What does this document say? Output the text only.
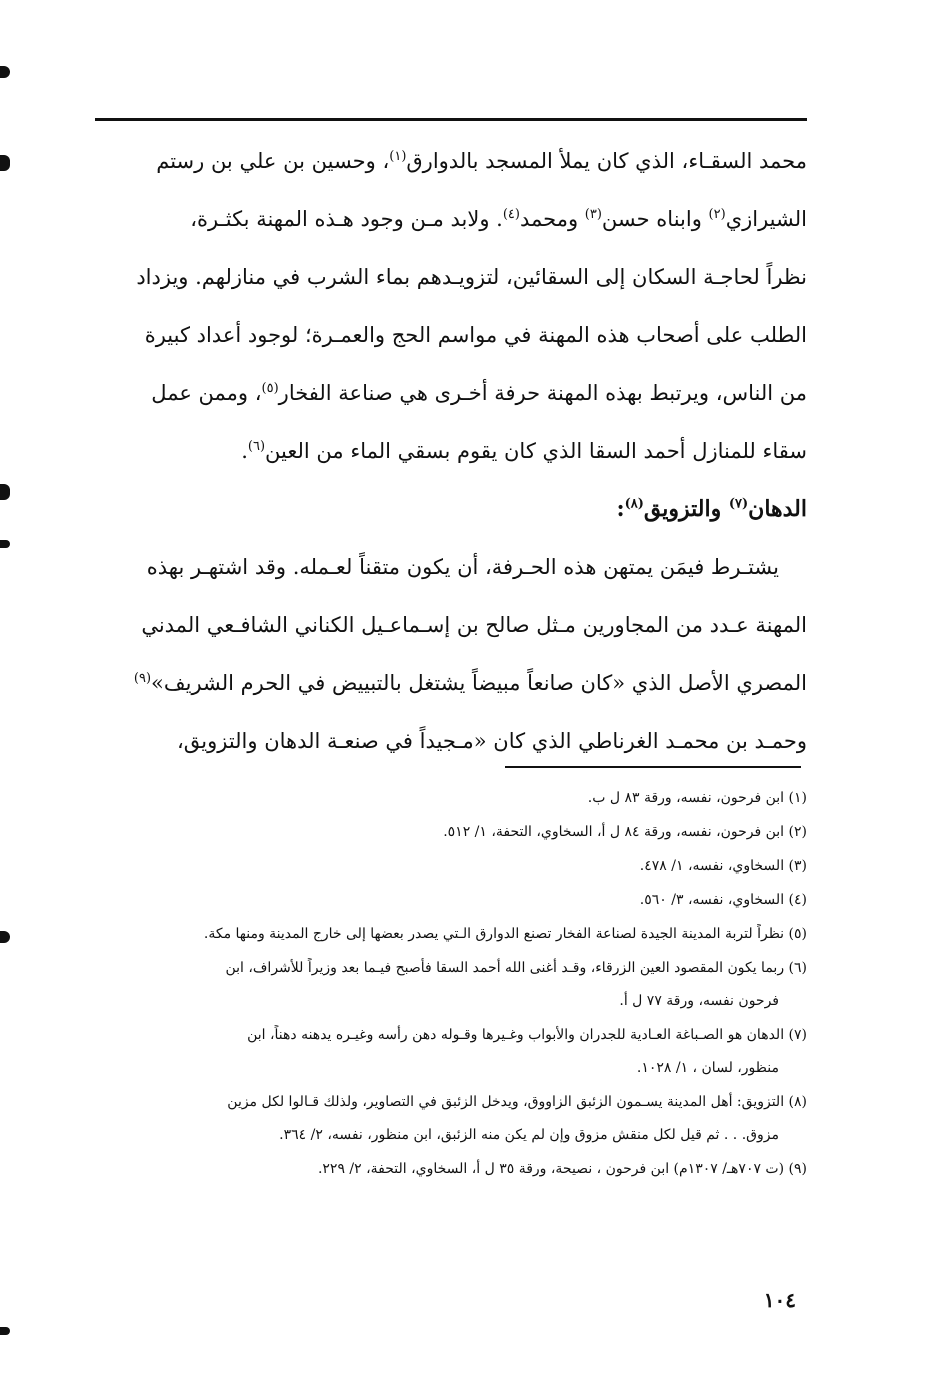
محمد السقـاء، الذي كان يملأ المسجد بالدوارق$^{(١)}$، وحسين بن علي بن رستم
الشيرازي$^{(٢)}$ وابناه حسن$^{(٣)}$ ومحمد$^{(٤)}$. ولابد مـن وجود هـذه المهنة بكثـرة،
نظراً لحاجـة السكان إلى السقائين، لتزويـدهم بماء الشرب في منازلهم. ويزداد
الطلب على أصحاب هذه المهنة في مواسم الحج والعمـرة؛ لوجود أعداد كبيرة
من الناس، ويرتبط بهذه المهنة حرفة أخـرى هي صناعة الفخار$^{(٥)}$، وممن عمل
سقاء للمنازل أحمد السقا الذي كان يقوم بسقي الماء من العين$^{(٦)}$.
الدهان$^{(٧)}$ والتزويق$^{(٨)}$:
يشتـرط فيمَن يمتهن هذه الحـرفة، أن يكون متقناً لعـمله. وقد اشتهـر بهذه
المهنة عـدد من المجاورين مـثل صالح بن إسـماعـيل الكناني الشافـعي المدني
المصري الأصل الذي «كان صانعاً مبيضاً يشتغل بالتبييض في الحرم الشريف»$^{(٩)}$
وحمـد بن محمـد الغرناطي الذي كان «مـجيداً في صنعـة الدهان والتزويق،
(١) ابن فرحون، نفسه، ورقة ٨٣ ل ب.
(٢) ابن فرحون، نفسه، ورقة ٨٤ ل أ، السخاوي، التحفة، ١/ ٥١٢.
(٣) السخاوي، نفسه، ١/ ٤٧٨.
(٤) السخاوي، نفسه، ٣/ ٥٦٠.
(٥) نظراً لتربة المدينة الجيدة لصناعة الفخار تصنع الدوارق الـتي يصدر بعضها إلى خارج المدينة ومنها مكة.
(٦) ربما يكون المقصود العين الزرقاء، وقـد أغنى الله أحمد السقا فأصبح فيـما بعد وزيراً للأشراف، ابن
فرحون نفسه، ورقة ٧٧ ل أ.
(٧) الدهان هو الصـباغة العـادية للجدران والأبواب وغـيرها وقـوله دهن رأسه وغيـره يدهنه دهناً، ابن
منظور، لسان ، ١/ ١٠٢٨.
(٨) التزويق: أهل المدينة يسـمون الزئبق الزاووق، ويدخل الزئبق في التصاوير، ولذلك قـالوا لكل مزين
مزوق. . . ثم قيل لكل منقش مزوق وإن لم يكن منه الزئبق، ابن منظور، نفسه، ٢/ ٣٦٤.
(٩) (ت ٧٠٧هـ/ ١٣٠٧م) ابن فرحون ، نصيحة، ورقة ٣٥ ل أ، السخاوي، التحفة، ٢/ ٢٢٩.
١٠٤
